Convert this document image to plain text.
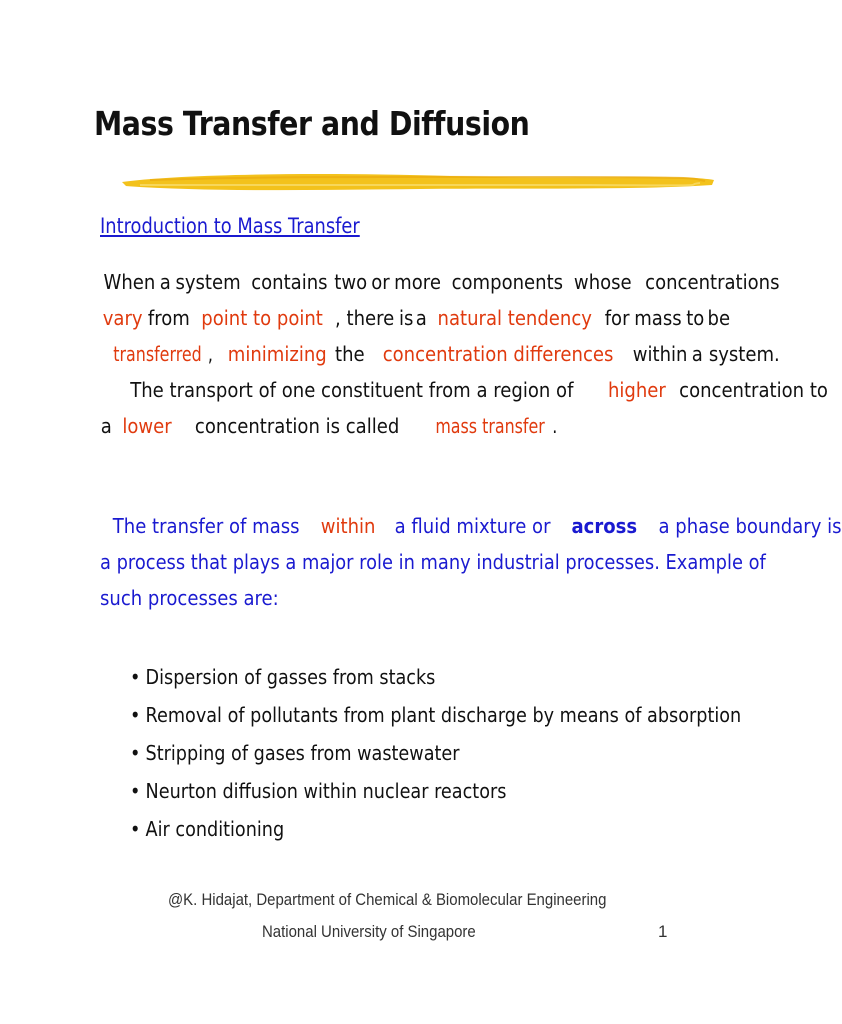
Mass Transfer and Diffusion
Introduction to Mass Transfer
When a system contains two or more components whose concentrations
vary from point to point , there is a natural tendency for mass to be
transferred , minimizing the concentration differences within a system.
The transport of one constituent from a region of higher concentration to
a lower concentration is called	mass transfer .
The transfer of mass within a fluid mixture or across a phase boundary is
a process that plays a major role in many industrial processes. Example of
such processes are:
• Dispersion of gasses from stacks
• Removal of pollutants from plant discharge by means of absorption
• Stripping of gases from wastewater
• Neurton diffusion within nuclear reactors
• Air conditioning
@K. Hidajat, Department of Chemical & Biomolecular Engineering
National University of Singapore	1
